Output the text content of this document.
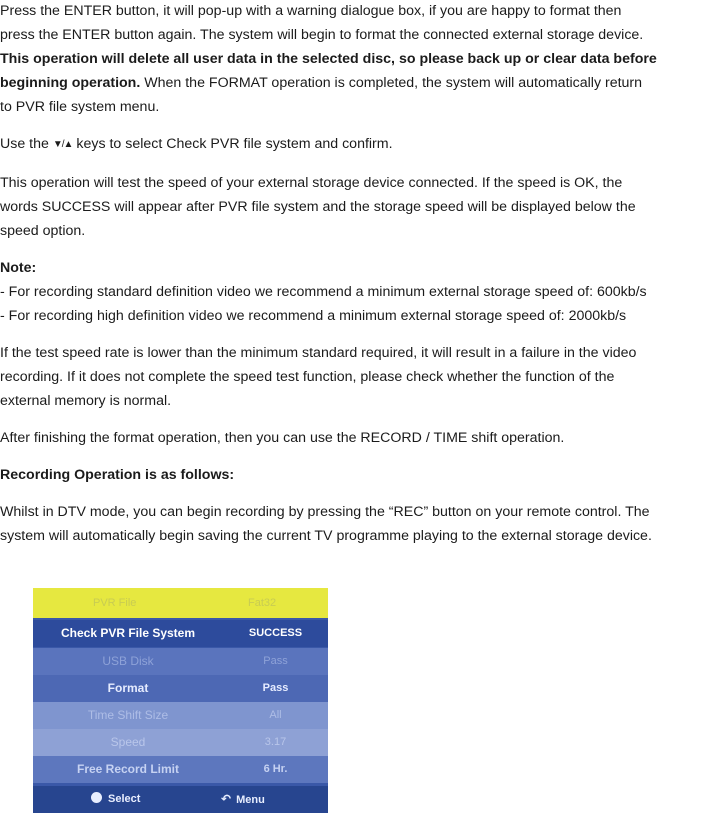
Press the ENTER button, it will pop-up with a warning dialogue box, if you are happy to format then
press the ENTER button again. The system will begin to format the connected external storage device.
This operation will delete all user data in the selected disc, so please back up or clear data before
beginning operation. When the FORMAT operation is completed, the system will automatically return
to PVR file system menu.

Use the ▼/▲ keys to select Check PVR file system and confirm.

This operation will test the speed of your external storage device connected. If the speed is OK, the
words SUCCESS will appear after PVR file system and the storage speed will be displayed below the
speed option.

Note:
- For recording standard definition video we recommend a minimum external storage speed of: 600kb/s
- For recording high definition video we recommend a minimum external storage speed of: 2000kb/s

If the test speed rate is lower than the minimum standard required, it will result in a failure in the video
recording. If it does not complete the speed test function, please check whether the function of the
external memory is normal.

After finishing the format operation, then you can use the RECORD / TIME shift operation.

Recording Operation is as follows:

Whilst in DTV mode, you can begin recording by pressing the “REC” button on your remote control. The
system will automatically begin saving the current TV programme playing to the external storage device.

PVR File	Fat32
Check PVR File System	SUCCESS
USB Disk	Pass
Format	Pass
Time Shift Size	All
Speed	3.17
Free Record Limit	6 Hr.
Select	↶ Menu
